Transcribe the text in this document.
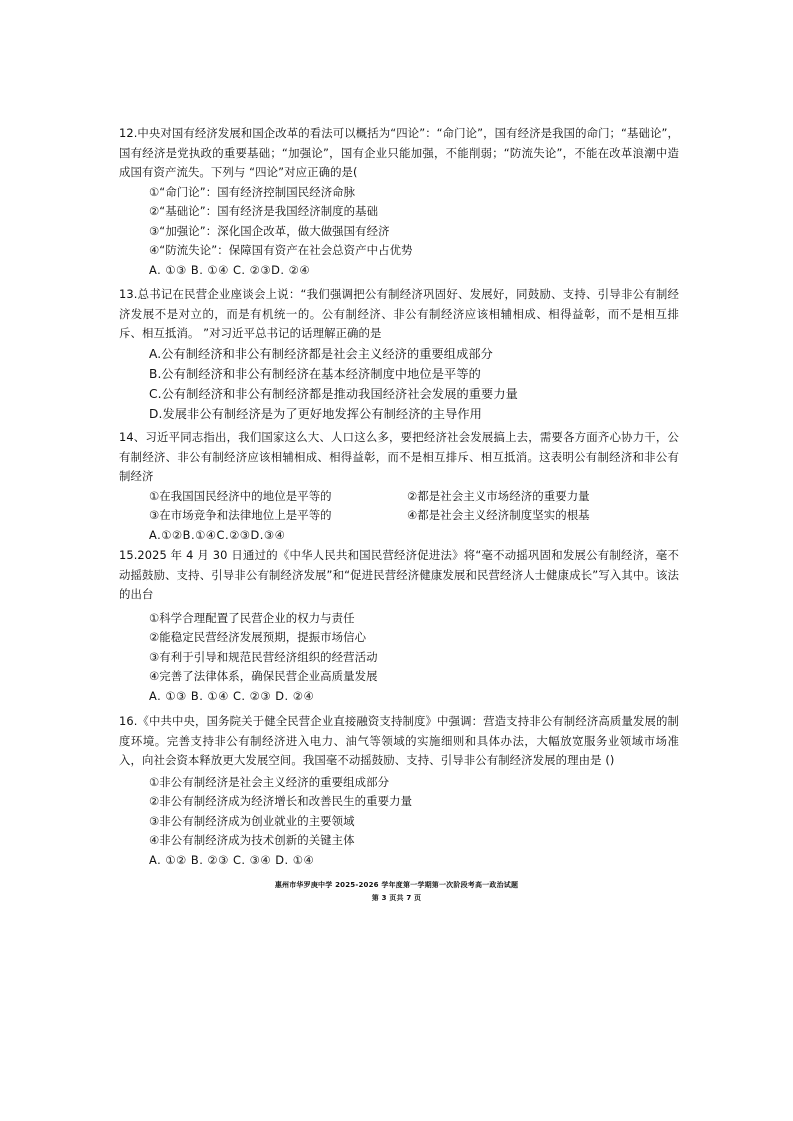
12.中央对国有经济发展和国企改革的看法可以概括为“四论”：“命门论”，国有经济是我国的命门；“基础论”，国有经济是党执政的重要基础；“加强论”，国有企业只能加强，不能削弱；“防流失论”，不能在改革浪潮中造成国有资产流失。下列与 “四论”对应正确的是(

①“命门论”：国有经济控制国民经济命脉

②“基础论”：国有经济是我国经济制度的基础

③“加强论”：深化国企改革，做大做强国有经济

④“防流失论”：保障国有资产在社会总资产中占优势

A. ①③ B. ①④ C. ②③D. ②④

13.总书记在民营企业座谈会上说：“我们强调把公有制经济巩固好、发展好，同鼓励、支持、引导非公有制经济发展不是对立的，而是有机统一的。公有制经济、非公有制经济应该相辅相成、相得益彰，而不是相互排斥、相互抵消。 ”对习近平总书记的话理解正确的是

A.公有制经济和非公有制经济都是社会主义经济的重要组成部分

B.公有制经济和非公有制经济在基本经济制度中地位是平等的

C.公有制经济和非公有制经济都是推动我国经济社会发展的重要力量

D.发展非公有制经济是为了更好地发挥公有制经济的主导作用

14、习近平同志指出，我们国家这么大、人口这么多，要把经济社会发展搞上去，需要各方面齐心协力干，公有制经济、非公有制经济应该相辅相成、相得益彰，而不是相互排斥、相互抵消。这表明公有制经济和非公有制经济

①在我国国民经济中的地位是平等的	②都是社会主义市场经济的重要力量
③在市场竞争和法律地位上是平等的	④都是社会主义经济制度坚实的根基

A.①②B.①④C.②③D.③④

15.2025 年 4 月 30 日通过的《中华人民共和国民营经济促进法》将“毫不动摇巩固和发展公有制经济，毫不动摇鼓励、支持、引导非公有制经济发展”和“促进民营经济健康发展和民营经济人士健康成长”写入其中。该法的出台

①科学合理配置了民营企业的权力与责任

②能稳定民营经济发展预期，提振市场信心

③有利于引导和规范民营经济组织的经营活动

④完善了法律体系，确保民营企业高质量发展

A. ①③ B. ①④ C. ②③ D. ②④

16.《中共中央，国务院关于健全民营企业直接融资支持制度》中强调：营造支持非公有制经济高质量发展的制度环境。完善支持非公有制经济进入电力、油气等领域的实施细则和具体办法，大幅放宽服务业领域市场准入，向社会资本释放更大发展空间。我国毫不动摇鼓励、支持、引导非公有制经济发展的理由是 ()

①非公有制经济是社会主义经济的重要组成部分

②非公有制经济成为经济增长和改善民生的重要力量

③非公有制经济成为创业就业的主要领域

④非公有制经济成为技术创新的关键主体

A. ①② B. ②③ C. ③④ D. ①④

惠州市华罗庚中学 2025-2026 学年度第一学期第一次阶段考高一政治试题
第 3 页共 7 页
